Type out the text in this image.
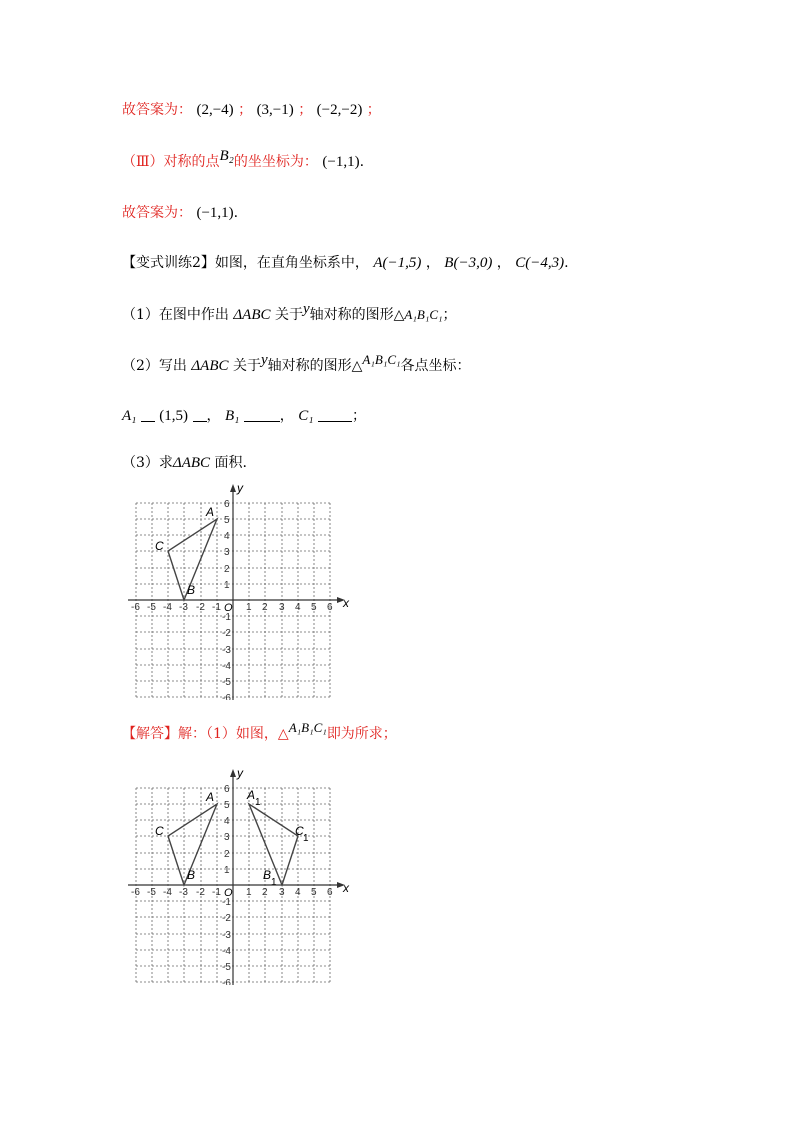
故答案为： (2,−4) ； (3,−1) ； (−2,−2) ；
（Ⅲ）对称的点B₂的坐坐标为： (−1,1).
故答案为： (−1,1).
【变式训练2】如图，在直角坐标系中， A(−1,5) ， B(−3,0) ， C(−4,3).
（1）在图中作出 ΔABC 关于y轴对称的图形△A₁B₁C₁；
（2）写出 ΔABC 关于y轴对称的图形△A₁B₁C₁各点坐标：
A₁ (1,5) ， B₁	， C₁	；
（3）求ΔABC 面积.
x
y
O
-6 -5 -4 -3 -2 -1	1 2 3 4 5 6
6
5
4
3
2
1
-1
-2
-3
-4
-5
-6
A
B
C
【解答】解：（1）如图，△A₁B₁C₁即为所求；
x
y
O
-6 -5 -4 -3 -2 -1	1 2 3 4 5 6
6
5
4
3
2
1
-1
-2
-3
-4
-5
-6
A
B
C
A
1
B
1
C
1
